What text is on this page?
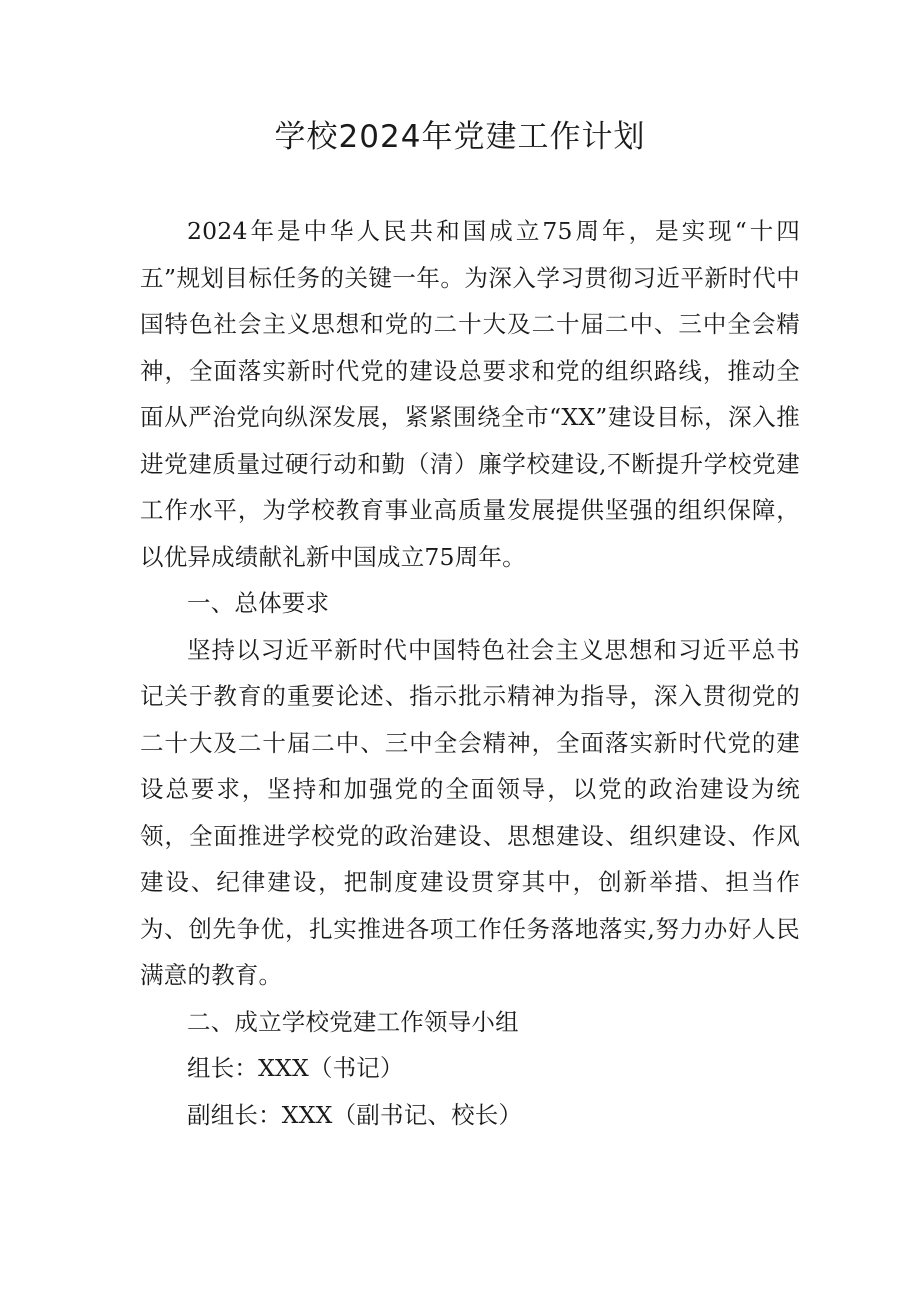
学校2024年党建工作计划

2024年是中华人民共和国成立75周年，是实现“十四五”规划目标任务的关键一年。为深入学习贯彻习近平新时代中国特色社会主义思想和党的二十大及二十届二中、三中全会精神，全面落实新时代党的建设总要求和党的组织路线，推动全面从严治党向纵深发展，紧紧围绕全市“XX”建设目标，深入推进党建质量过硬行动和勤（清）廉学校建设,不断提升学校党建工作水平，为学校教育事业高质量发展提供坚强的组织保障，以优异成绩献礼新中国成立75周年。

一、总体要求

坚持以习近平新时代中国特色社会主义思想和习近平总书记关于教育的重要论述、指示批示精神为指导，深入贯彻党的二十大及二十届二中、三中全会精神，全面落实新时代党的建设总要求，坚持和加强党的全面领导，以党的政治建设为统领，全面推进学校党的政治建设、思想建设、组织建设、作风建设、纪律建设，把制度建设贯穿其中，创新举措、担当作为、创先争优，扎实推进各项工作任务落地落实,努力办好人民满意的教育。

二、成立学校党建工作领导小组

组长：XXX（书记）

副组长：XXX（副书记、校长）
